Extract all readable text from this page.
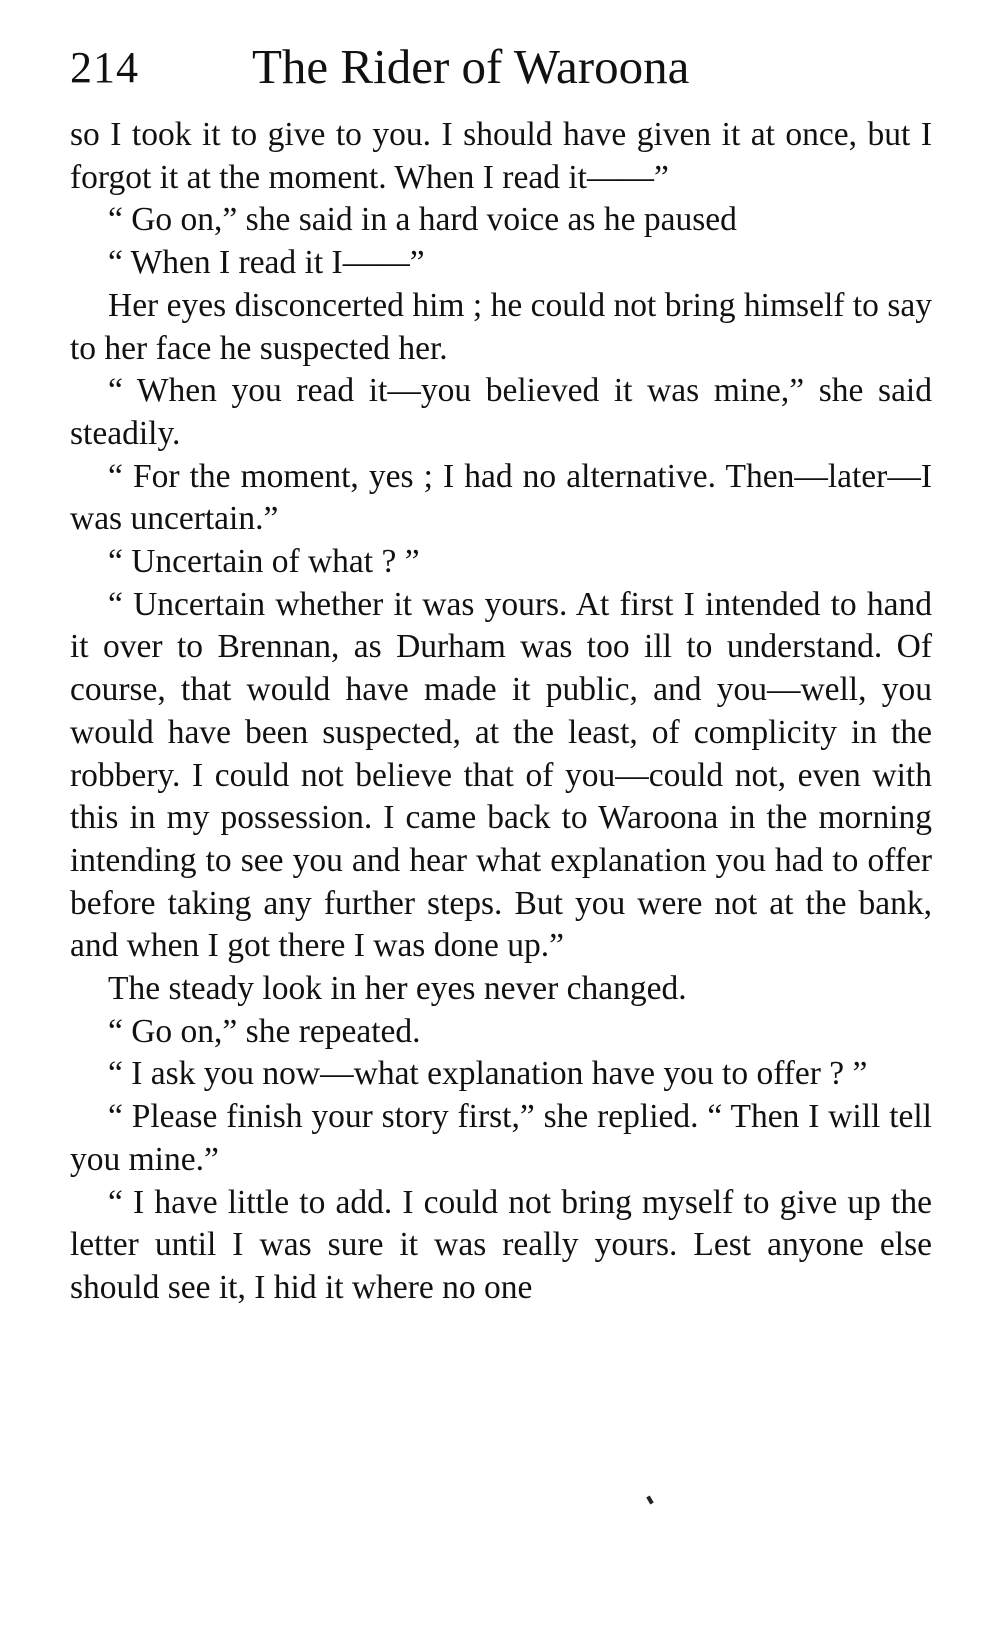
214 The Rider of Waroona

so I took it to give to you. I should have given it at once, but I forgot it at the moment. When I read it——”

“ Go on,” she said in a hard voice as he paused

“ When I read it I——”

Her eyes disconcerted him ; he could not bring himself to say to her face he suspected her.

“ When you read it—you believed it was mine,” she said steadily.

“ For the moment, yes ; I had no alternative. Then—later—I was uncertain.”

“ Uncertain of what ? ”

“ Uncertain whether it was yours. At first I intended to hand it over to Brennan, as Durham was too ill to understand. Of course, that would have made it public, and you—well, you would have been suspected, at the least, of complicity in the robbery. I could not believe that of you—could not, even with this in my possession. I came back to Waroona in the morning intending to see you and hear what explanation you had to offer before taking any further steps. But you were not at the bank, and when I got there I was done up.”

The steady look in her eyes never changed.

“ Go on,” she repeated.

“ I ask you now—what explanation have you to offer ? ”

“ Please finish your story first,” she replied. “ Then I will tell you mine.”

“ I have little to add. I could not bring myself to give up the letter until I was sure it was really yours. Lest anyone else should see it, I hid it where no one
